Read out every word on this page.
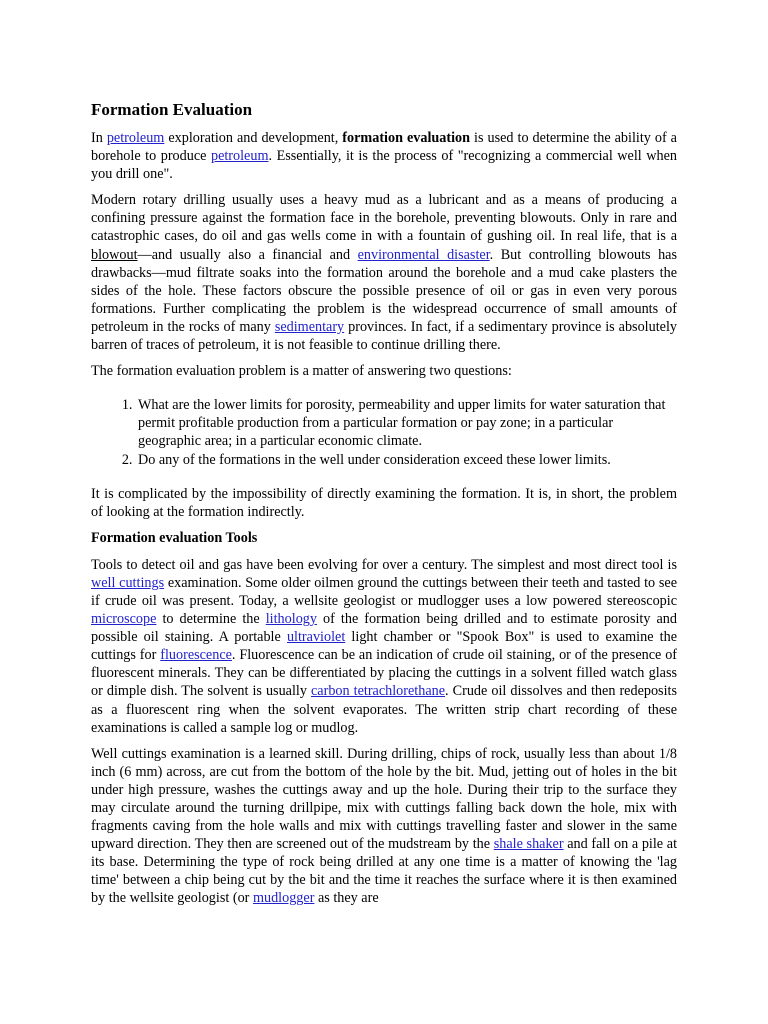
Formation Evaluation

In petroleum exploration and development, formation evaluation is used to determine the ability of a borehole to produce petroleum. Essentially, it is the process of "recognizing a commercial well when you drill one".

Modern rotary drilling usually uses a heavy mud as a lubricant and as a means of producing a confining pressure against the formation face in the borehole, preventing blowouts. Only in rare and catastrophic cases, do oil and gas wells come in with a fountain of gushing oil. In real life, that is a blowout—and usually also a financial and environmental disaster. But controlling blowouts has drawbacks—mud filtrate soaks into the formation around the borehole and a mud cake plasters the sides of the hole. These factors obscure the possible presence of oil or gas in even very porous formations. Further complicating the problem is the widespread occurrence of small amounts of petroleum in the rocks of many sedimentary provinces. In fact, if a sedimentary province is absolutely barren of traces of petroleum, it is not feasible to continue drilling there.

The formation evaluation problem is a matter of answering two questions:

1. What are the lower limits for porosity, permeability and upper limits for water saturation that permit profitable production from a particular formation or pay zone; in a particular geographic area; in a particular economic climate.
2. Do any of the formations in the well under consideration exceed these lower limits.

It is complicated by the impossibility of directly examining the formation. It is, in short, the problem of looking at the formation indirectly.

Formation evaluation Tools

Tools to detect oil and gas have been evolving for over a century. The simplest and most direct tool is well cuttings examination. Some older oilmen ground the cuttings between their teeth and tasted to see if crude oil was present. Today, a wellsite geologist or mudlogger uses a low powered stereoscopic microscope to determine the lithology of the formation being drilled and to estimate porosity and possible oil staining. A portable ultraviolet light chamber or "Spook Box" is used to examine the cuttings for fluorescence. Fluorescence can be an indication of crude oil staining, or of the presence of fluorescent minerals. They can be differentiated by placing the cuttings in a solvent filled watch glass or dimple dish. The solvent is usually carbon tetrachlorethane. Crude oil dissolves and then redeposits as a fluorescent ring when the solvent evaporates. The written strip chart recording of these examinations is called a sample log or mudlog.

Well cuttings examination is a learned skill. During drilling, chips of rock, usually less than about 1/8 inch (6 mm) across, are cut from the bottom of the hole by the bit. Mud, jetting out of holes in the bit under high pressure, washes the cuttings away and up the hole. During their trip to the surface they may circulate around the turning drillpipe, mix with cuttings falling back down the hole, mix with fragments caving from the hole walls and mix with cuttings travelling faster and slower in the same upward direction. They then are screened out of the mudstream by the shale shaker and fall on a pile at its base. Determining the type of rock being drilled at any one time is a matter of knowing the 'lag time' between a chip being cut by the bit and the time it reaches the surface where it is then examined by the wellsite geologist (or mudlogger as they are
